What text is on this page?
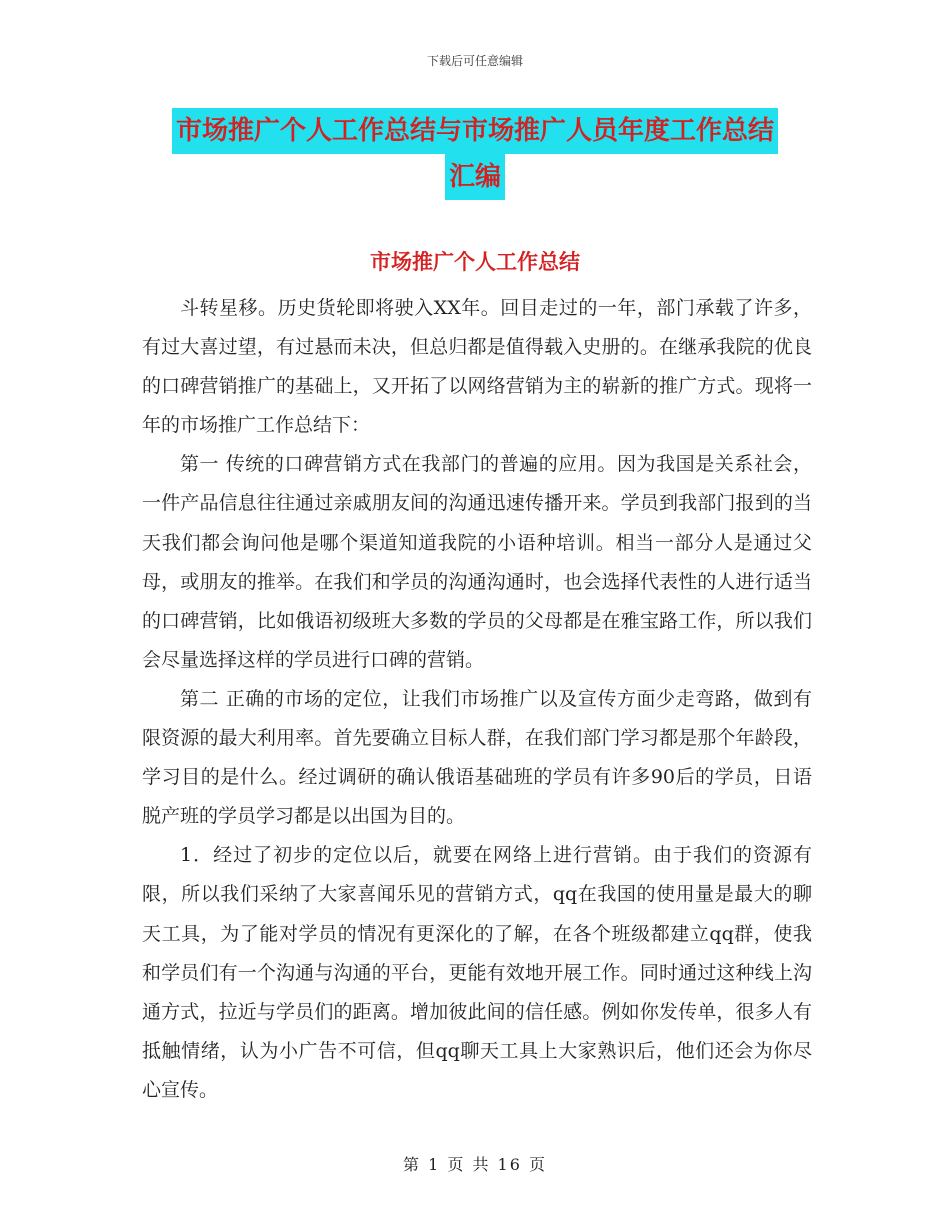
下载后可任意编辑
市场推广个人工作总结与市场推广人员年度工作总结
汇编
市场推广个人工作总结

斗转星移。历史货轮即将驶入XX年。回目走过的一年，部门承载了许多，有过大喜过望，有过悬而未决，但总归都是值得载入史册的。在继承我院的优良的口碑营销推广的基础上，又开拓了以网络营销为主的崭新的推广方式。现将一年的市场推广工作总结下：

第一 传统的口碑营销方式在我部门的普遍的应用。因为我国是关系社会，一件产品信息往往通过亲戚朋友间的沟通迅速传播开来。学员到我部门报到的当天我们都会询问他是哪个渠道知道我院的小语种培训。相当一部分人是通过父母，或朋友的推举。在我们和学员的沟通沟通时，也会选择代表性的人进行适当的口碑营销，比如俄语初级班大多数的学员的父母都是在雅宝路工作，所以我们会尽量选择这样的学员进行口碑的营销。

第二 正确的市场的定位，让我们市场推广以及宣传方面少走弯路，做到有限资源的最大利用率。首先要确立目标人群，在我们部门学习都是那个年龄段，学习目的是什么。经过调研的确认俄语基础班的学员有许多90后的学员，日语脱产班的学员学习都是以出国为目的。

1．经过了初步的定位以后，就要在网络上进行营销。由于我们的资源有限，所以我们采纳了大家喜闻乐见的营销方式，qq在我国的使用量是最大的聊天工具，为了能对学员的情况有更深化的了解，在各个班级都建立qq群，使我和学员们有一个沟通与沟通的平台，更能有效地开展工作。同时通过这种线上沟通方式，拉近与学员们的距离。增加彼此间的信任感。例如你发传单，很多人有抵触情绪，认为小广告不可信，但qq聊天工具上大家熟识后，他们还会为你尽心宣传。

第 1 页 共 16 页
